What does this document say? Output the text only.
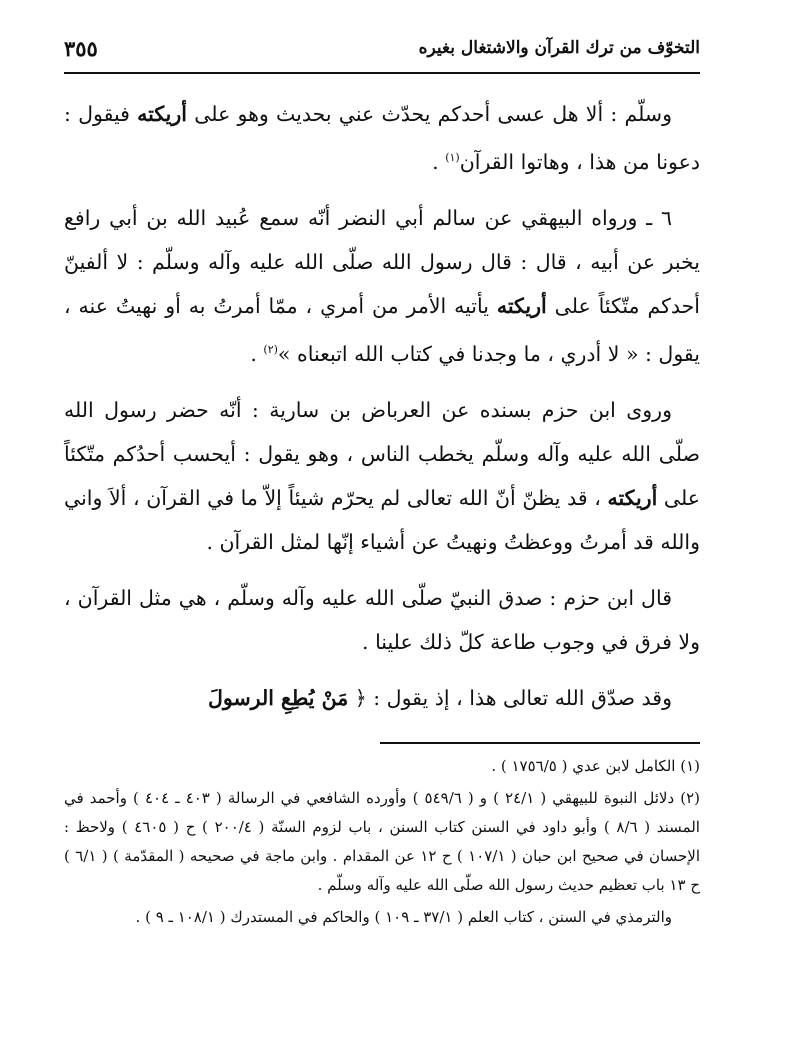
التخوّف من ترك القرآن والاشتغال بغيره
٣٥٥

وسلّم : ألا هل عسى أحدكم يحدّث عني بحديث وهو على أريكته فيقول : دعونا من هذا ، وهاتوا القرآن$^{(١)}$ .

٦ ـ ورواه البيهقي عن سالم أبي النضر أنّه سمع عُبيد الله بن أبي رافع يخبر عن أبيه ، قال : قال رسول الله صلّى الله عليه وآله وسلّم : لا ألفينّ أحدكم متّكئاً على أريكته يأتيه الأمر من أمري ، ممّا أمرتُ به أو نهيتُ عنه ، يقول : « لا أدري ، ما وجدنا في كتاب الله اتبعناه »$^{(٢)}$ .

وروى ابن حزم بسنده عن العرباض بن سارية : أنّه حضر رسول الله صلّى الله عليه وآله وسلّم يخطب الناس ، وهو يقول : أيحسب أحدُكم متّكئاً على أريكته ، قد يظنّ أنّ الله تعالى لم يحرّم شيئاً إلاّ ما في القرآن ، ألاَ واني والله قد أمرتُ ووعظتُ ونهيتُ عن أشياء إنّها لمثل القرآن .

قال ابن حزم : صدق النبيّ صلّى الله عليه وآله وسلّم ، هي مثل القرآن ، ولا فرق في وجوب طاعة كلّ ذلك علينا .

وقد صدّق الله تعالى هذا ، إذ يقول : ﴿ مَنْ يُطِعِ الرسولَ

(١) الكامل لابن عدي ( ١٧٥٦/٥ ) .

(٢) دلائل النبوة للبيهقي ( ٢٤/١ ) و ( ٥٤٩/٦ ) وأورده الشافعي في الرسالة ( ٤٠٣ ـ ٤٠٤ ) وأحمد في المسند ( ٨/٦ ) وأبو داود في السنن كتاب السنن ، باب لزوم السنّة ( ٢٠٠/٤ ) ح ( ٤٦٠٥ ) ولاحظ : الإحسان في صحيح ابن حبان ( ١٠٧/١ ) ح ١٢ عن المقدام . وابن ماجة في صحيحه ( المقدّمة ) ( ٦/١ ) ح ١٣ باب تعظيم حديث رسول الله صلّى الله عليه وآله وسلّم .

والترمذي في السنن ، كتاب العلم ( ٣٧/١ ـ ١٠٩ ) والحاكم في المستدرك ( ١٠٨/١ ـ ٩ ) .
